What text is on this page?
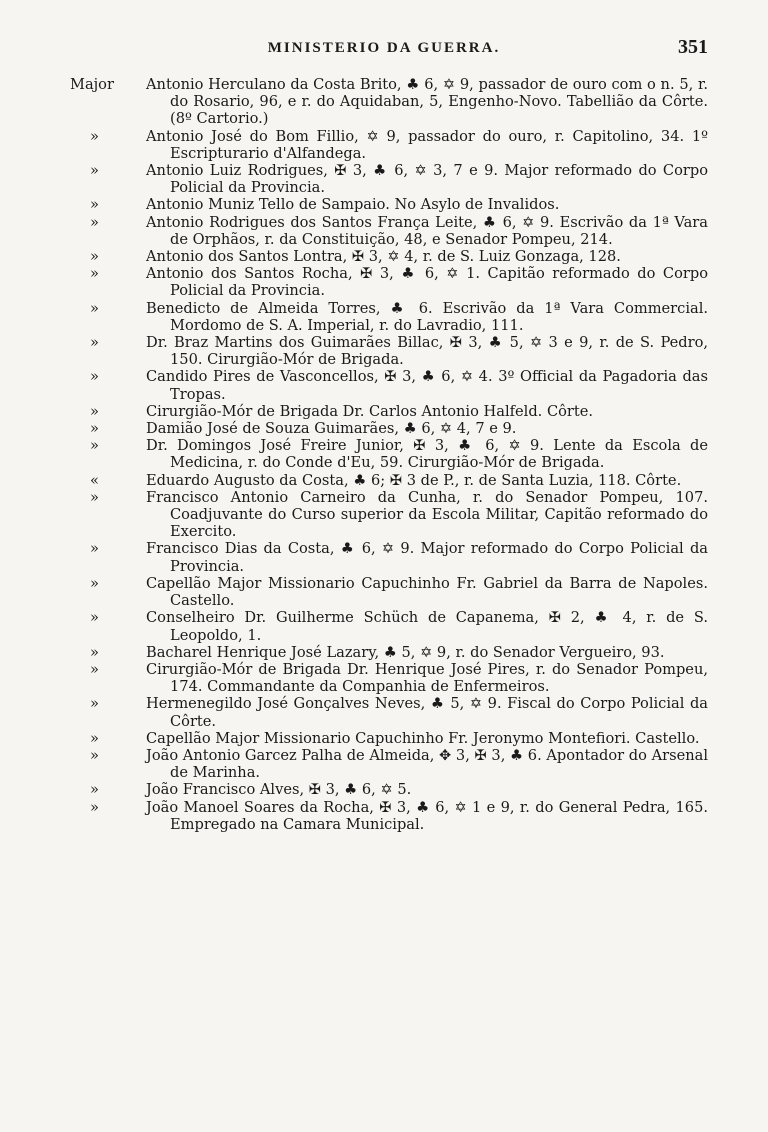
MINISTERIO DA GUERRA.	351
Major	Antonio Herculano da Costa Brito, ♣ 6, ✡ 9, passador de ouro com o n. 5, r. do Rosario, 96, e r. do Aquidaban, 5, Engenho-Novo. Tabellião da Côrte. (8º Cartorio.)
»	Antonio José do Bom Fillio, ✡ 9, passador do ouro, r. Capitolino, 34. 1º Escripturario d'Alfandega.
»	Antonio Luiz Rodrigues, ✠ 3, ♣ 6, ✡ 3, 7 e 9. Major reformado do Corpo Policial da Provincia.
»	Antonio Muniz Tello de Sampaio. No Asylo de Invalidos.
»	Antonio Rodrigues dos Santos França Leite, ♣ 6, ✡ 9. Escrivão da 1ª Vara de Orphãos, r. da Constituição, 48, e Senador Pompeu, 214.
»	Antonio dos Santos Lontra, ✠ 3, ✡ 4, r. de S. Luiz Gonzaga, 128.
»	Antonio dos Santos Rocha, ✠ 3, ♣ 6, ✡ 1. Capitão reformado do Corpo Policial da Provincia.
»	Benedicto de Almeida Torres, ♣ 6. Escrivão da 1ª Vara Commercial. Mordomo de S. A. Imperial, r. do Lavradio, 111.
»	Dr. Braz Martins dos Guimarães Billac, ✠ 3, ♣ 5, ✡ 3 e 9, r. de S. Pedro, 150. Cirurgião-Mór de Brigada.
»	Candido Pires de Vasconcellos, ✠ 3, ♣ 6, ✡ 4. 3º Official da Pagadoria das Tropas.
»	Cirurgião-Mór de Brigada Dr. Carlos Antonio Halfeld. Côrte.
»	Damião José de Souza Guimarães, ♣ 6, ✡ 4, 7 e 9.
»	Dr. Domingos José Freire Junior, ✠ 3, ♣ 6, ✡ 9. Lente da Escola de Medicina, r. do Conde d'Eu, 59. Cirurgião-Mór de Brigada.
«	Eduardo Augusto da Costa, ♣ 6; ✠ 3 de P., r. de Santa Luzia, 118. Côrte.
»	Francisco Antonio Carneiro da Cunha, r. do Senador Pompeu, 107. Coadjuvante do Curso superior da Escola Militar, Capitão reformado do Exercito.
»	Francisco Dias da Costa, ♣ 6, ✡ 9. Major reformado do Corpo Policial da Provincia.
»	Capellão Major Missionario Capuchinho Fr. Gabriel da Barra de Napoles. Castello.
»	Conselheiro Dr. Guilherme Schüch de Capanema, ✠ 2, ♣ 4, r. de S. Leopoldo, 1.
»	Bacharel Henrique José Lazary, ♣ 5, ✡ 9, r. do Senador Vergueiro, 93.
»	Cirurgião-Mór de Brigada Dr. Henrique José Pires, r. do Senador Pompeu, 174. Commandante da Companhia de Enfermeiros.
»	Hermenegildo José Gonçalves Neves, ♣ 5, ✡ 9. Fiscal do Corpo Policial da Côrte.
»	Capellão Major Missionario Capuchinho Fr. Jeronymo Montefiori. Castello.
»	João Antonio Garcez Palha de Almeida, ✥ 3, ✠ 3, ♣ 6. Apontador do Arsenal de Marinha.
»	João Francisco Alves, ✠ 3, ♣ 6, ✡ 5.
»	João Manoel Soares da Rocha, ✠ 3, ♣ 6, ✡ 1 e 9, r. do General Pedra, 165. Empregado na Camara Municipal.
